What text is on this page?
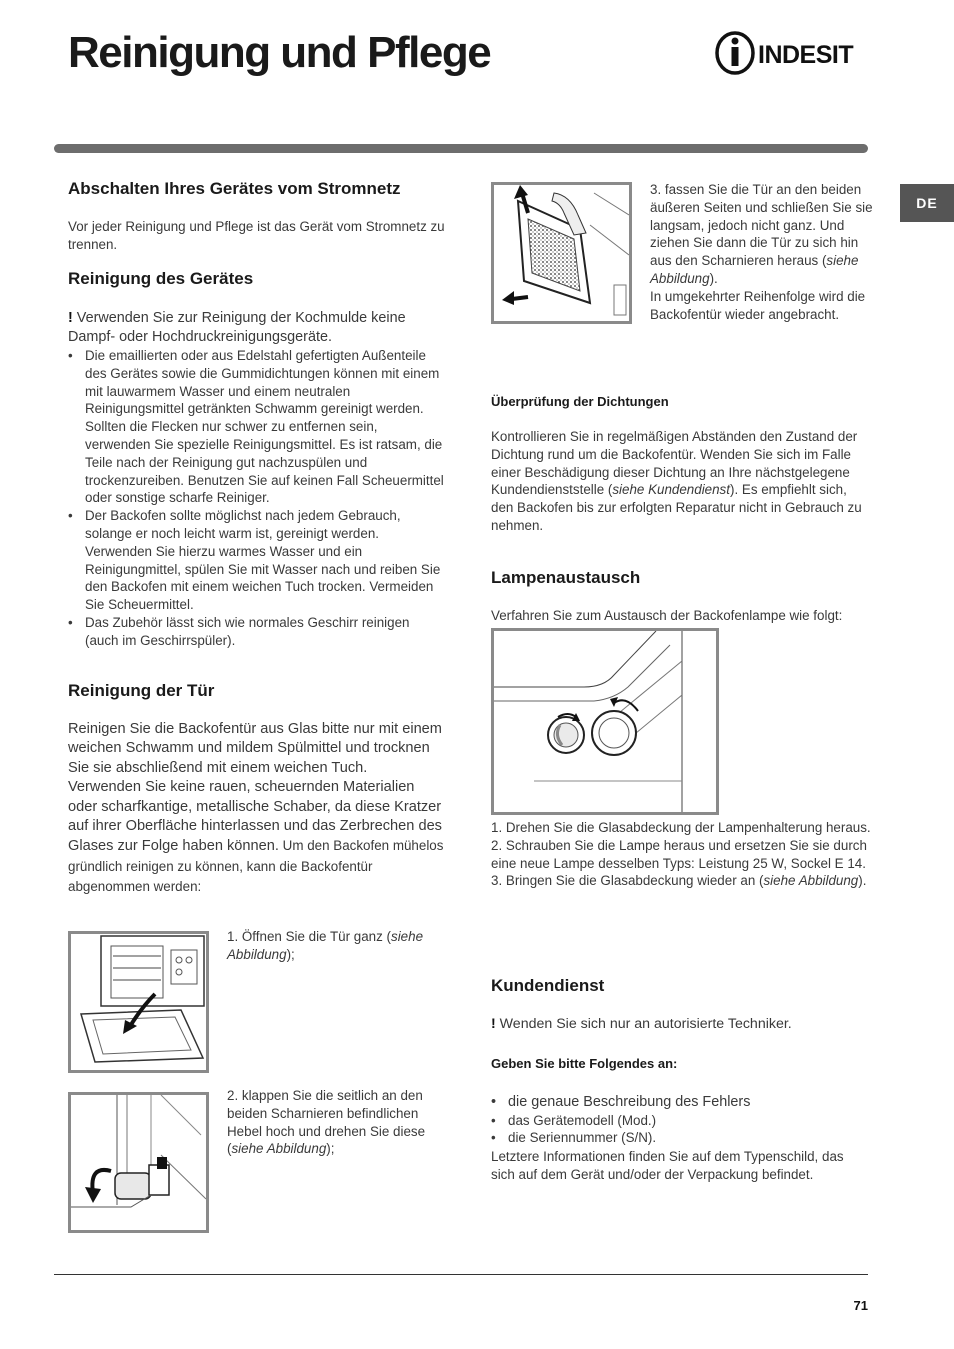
Reinigung und Pflege	INDESIT
DE
Abschalten Ihres Gerätes vom Stromnetz

Vor jeder Reinigung und Pflege ist das Gerät vom Stromnetz zu trennen.

Reinigung des Gerätes

! Verwenden Sie zur Reinigung der Kochmulde keine Dampf- oder Hochdruckreinigungsgeräte.

• Die emaillierten oder aus Edelstahl gefertigten Außenteile des Gerätes sowie die Gummidichtungen können mit einem mit lauwarmem Wasser und einem neutralen Reinigungsmittel getränkten Schwamm gereinigt werden. Sollten die Flecken nur schwer zu entfernen sein, verwenden Sie spezielle Reinigungsmittel. Es ist ratsam, die Teile nach der Reinigung gut nachzuspülen und trockenzureiben. Benutzen Sie auf keinen Fall Scheuermittel oder sonstige scharfe Reiniger.
• Der Backofen sollte möglichst nach jedem Gebrauch, solange er noch leicht warm ist, gereinigt werden. Verwenden Sie hierzu warmes Wasser und ein Reinigungmittel, spülen Sie mit Wasser nach und reiben Sie den Backofen mit einem weichen Tuch trocken. Vermeiden Sie Scheuermittel.
• Das Zubehör lässt sich wie normales Geschirr reinigen (auch im Geschirrspüler).
Reinigung der Tür

Reinigen Sie die Backofentür aus Glas bitte nur mit einem weichen Schwamm und mildem Spülmittel und trocknen Sie sie abschließend mit einem weichen Tuch. Verwenden Sie keine rauen, scheuernden Materialien oder scharfkantige, metallische Schaber, da diese Kratzer auf ihrer Oberfläche hinterlassen und das Zerbrechen des Glases zur Folge haben können. Um den Backofen mühelos gründlich reinigen zu können, kann die Backofentür abgenommen werden:

1. Öffnen Sie die Tür ganz (siehe Abbildung);

2. klappen Sie die seitlich an den beiden Scharnieren befindlichen Hebel hoch und drehen Sie diese (siehe Abbildung);

3. fassen Sie die Tür an den beiden äußeren Seiten und schließen Sie sie langsam, jedoch nicht ganz. Und ziehen Sie dann die Tür zu sich hin aus den Scharnieren heraus (siehe Abbildung).
In umgekehrter Reihenfolge wird die Backofentür wieder angebracht.

Überprüfung der Dichtungen

Kontrollieren Sie in regelmäßigen Abständen den Zustand der Dichtung rund um die Backofentür. Wenden Sie sich im Falle einer Beschädigung dieser Dichtung an Ihre nächstgelegene Kundendienststelle (siehe Kundendienst). Es empfiehlt sich, den Backofen bis zur erfolgten Reparatur nicht in Gebrauch zu nehmen.

Lampenaustausch

Verfahren Sie zum Austausch der Backofenlampe wie folgt:

1. Drehen Sie die Glasabdeckung der Lampenhalterung heraus.
2. Schrauben Sie die Lampe heraus und ersetzen Sie sie durch eine neue Lampe desselben Typs: Leistung 25 W, Sockel E 14.
3. Bringen Sie die Glasabdeckung wieder an (siehe Abbildung).

Kundendienst

! Wenden Sie sich nur an autorisierte Techniker.

Geben Sie bitte Folgendes an:

• die genaue Beschreibung des Fehlers
• das Gerätemodell (Mod.)
• die Seriennummer (S/N).

Letztere Informationen finden Sie auf dem Typenschild, das sich auf dem Gerät und/oder der Verpackung befindet.

71
